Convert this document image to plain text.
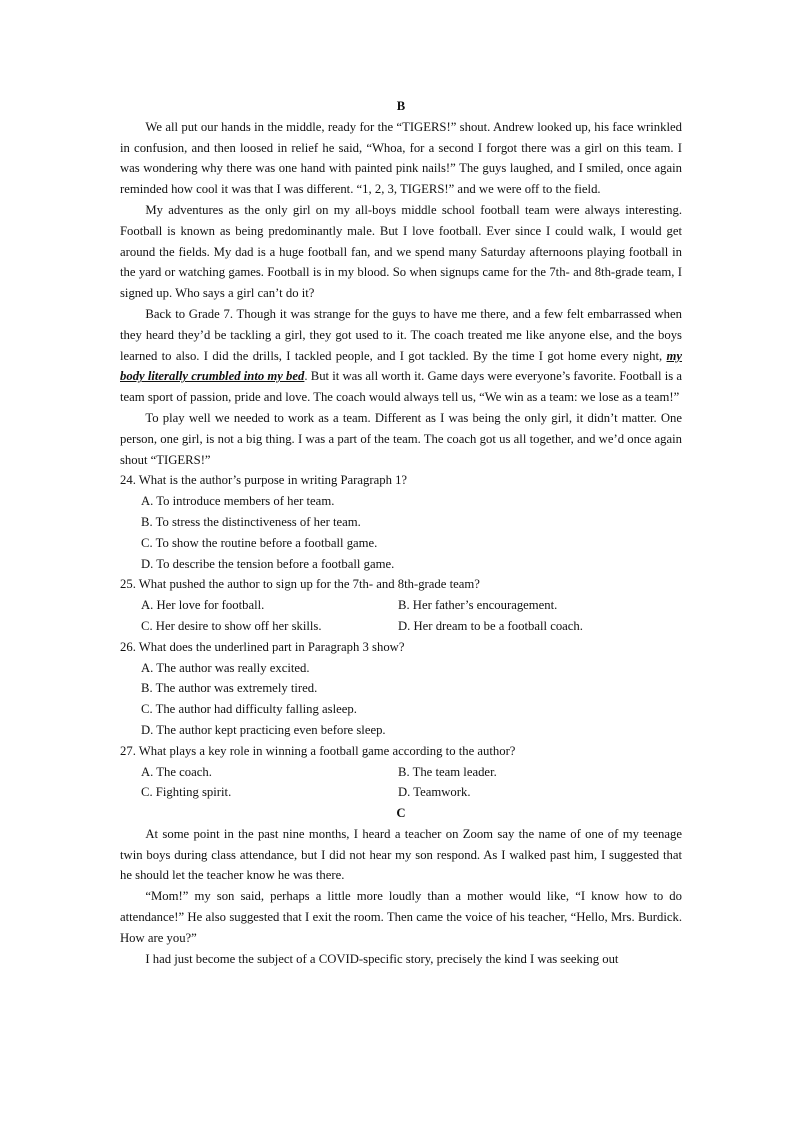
B

We all put our hands in the middle, ready for the “TIGERS!” shout. Andrew looked up, his face wrinkled in confusion, and then loosed in relief he said, “Whoa, for a second I forgot there was a girl on this team. I was wondering why there was one hand with painted pink nails!” The guys laughed, and I smiled, once again reminded how cool it was that I was different. “1, 2, 3, TIGERS!” and we were off to the field.

My adventures as the only girl on my all-boys middle school football team were always interesting. Football is known as being predominantly male. But I love football. Ever since I could walk, I would get around the fields. My dad is a huge football fan, and we spend many Saturday afternoons playing football in the yard or watching games. Football is in my blood. So when signups came for the 7th- and 8th-grade team, I signed up. Who says a girl can’t do it?

Back to Grade 7. Though it was strange for the guys to have me there, and a few felt embarrassed when they heard they’d be tackling a girl, they got used to it. The coach treated me like anyone else, and the boys learned to also. I did the drills, I tackled people, and I got tackled. By the time I got home every night, my body literally crumbled into my bed. But it was all worth it. Game days were everyone’s favorite. Football is a team sport of passion, pride and love. The coach would always tell us, “We win as a team: we lose as a team!”

To play well we needed to work as a team. Different as I was being the only girl, it didn’t matter. One person, one girl, is not a big thing. I was a part of the team. The coach got us all together, and we’d once again shout “TIGERS!”

24. What is the author’s purpose in writing Paragraph 1?

A. To introduce members of her team.

B. To stress the distinctiveness of her team.

C. To show the routine before a football game.

D. To describe the tension before a football game.

25. What pushed the author to sign up for the 7th- and 8th-grade team?

A. Her love for football.	B. Her father’s encouragement.
C. Her desire to show off her skills.	D. Her dream to be a football coach.

26. What does the underlined part in Paragraph 3 show?

A. The author was really excited.

B. The author was extremely tired.

C. The author had difficulty falling asleep.

D. The author kept practicing even before sleep.

27. What plays a key role in winning a football game according to the author?

A. The coach.	B. The team leader.
C. Fighting spirit.	D. Teamwork.

C

At some point in the past nine months, I heard a teacher on Zoom say the name of one of my teenage twin boys during class attendance, but I did not hear my son respond. As I walked past him, I suggested that he should let the teacher know he was there.

“Mom!” my son said, perhaps a little more loudly than a mother would like, “I know how to do attendance!” He also suggested that I exit the room. Then came the voice of his teacher, “Hello, Mrs. Burdick. How are you?”

I had just become the subject of a COVID-specific story, precisely the kind I was seeking out
